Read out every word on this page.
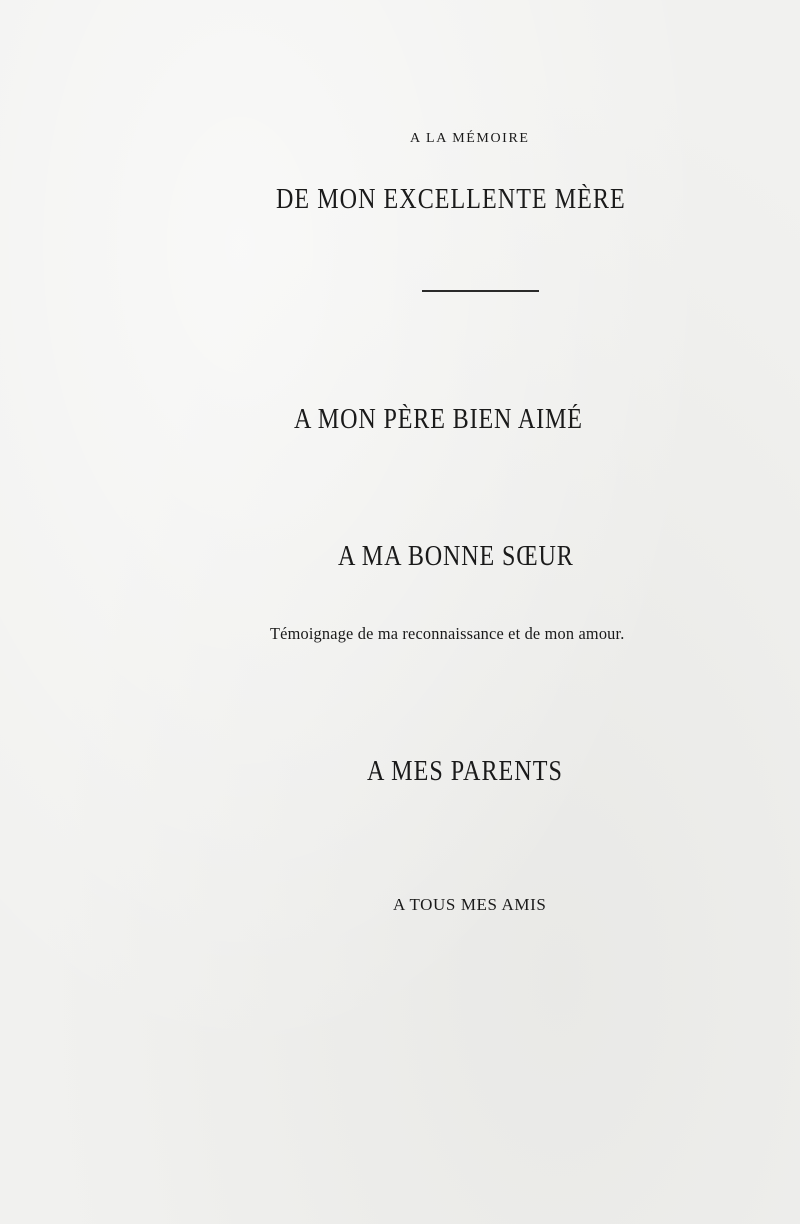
A LA MÉMOIRE
DE MON EXCELLENTE MÈRE
A MON PÈRE BIEN AIMÉ
A MA BONNE SŒUR
Témoignage de ma reconnaissance et de mon amour.
A MES PARENTS
A TOUS MES AMIS
